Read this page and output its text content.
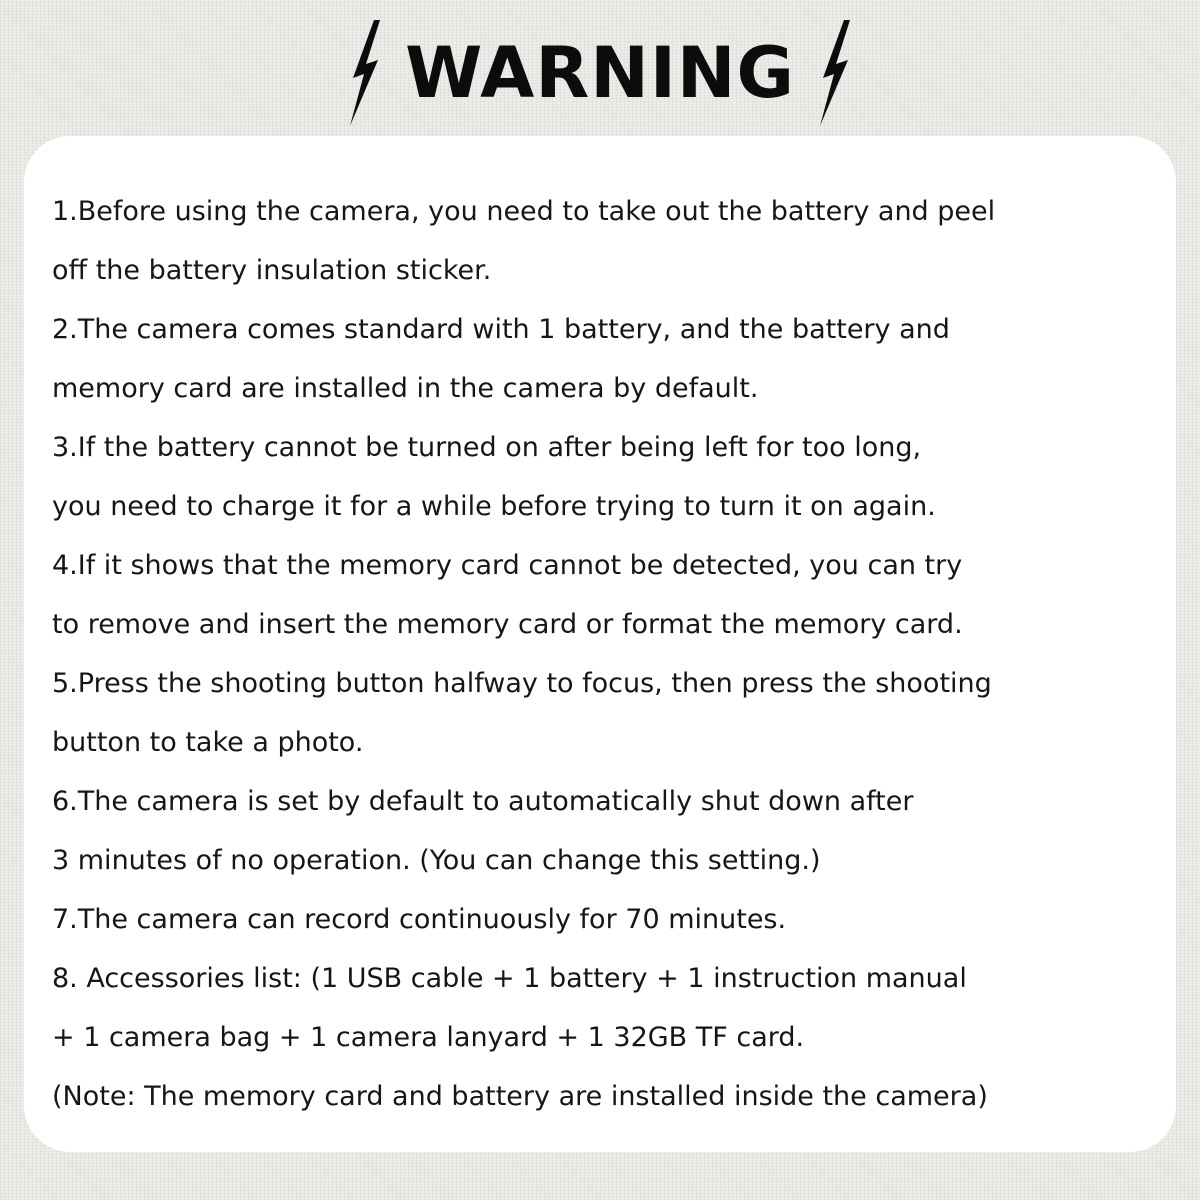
WARNING
1.Before using the camera, you need to take out the battery and peel
off the battery insulation sticker.
2.The camera comes standard with 1 battery, and the battery and
memory card are installed in the camera by default.
3.If the battery cannot be turned on after being left for too long,
you need to charge it for a while before trying to turn it on again.
4.If it shows that the memory card cannot be detected, you can try
to remove and insert the memory card or format the memory card.
5.Press the shooting button halfway to focus, then press the shooting
button to take a photo.
6.The camera is set by default to automatically shut down after
3 minutes of no operation. (You can change this setting.)
7.The camera can record continuously for 70 minutes.
8. Accessories list: (1 USB cable + 1 battery + 1 instruction manual
+ 1 camera bag + 1 camera lanyard + 1 32GB TF card.
(Note: The memory card and battery are installed inside the camera)
